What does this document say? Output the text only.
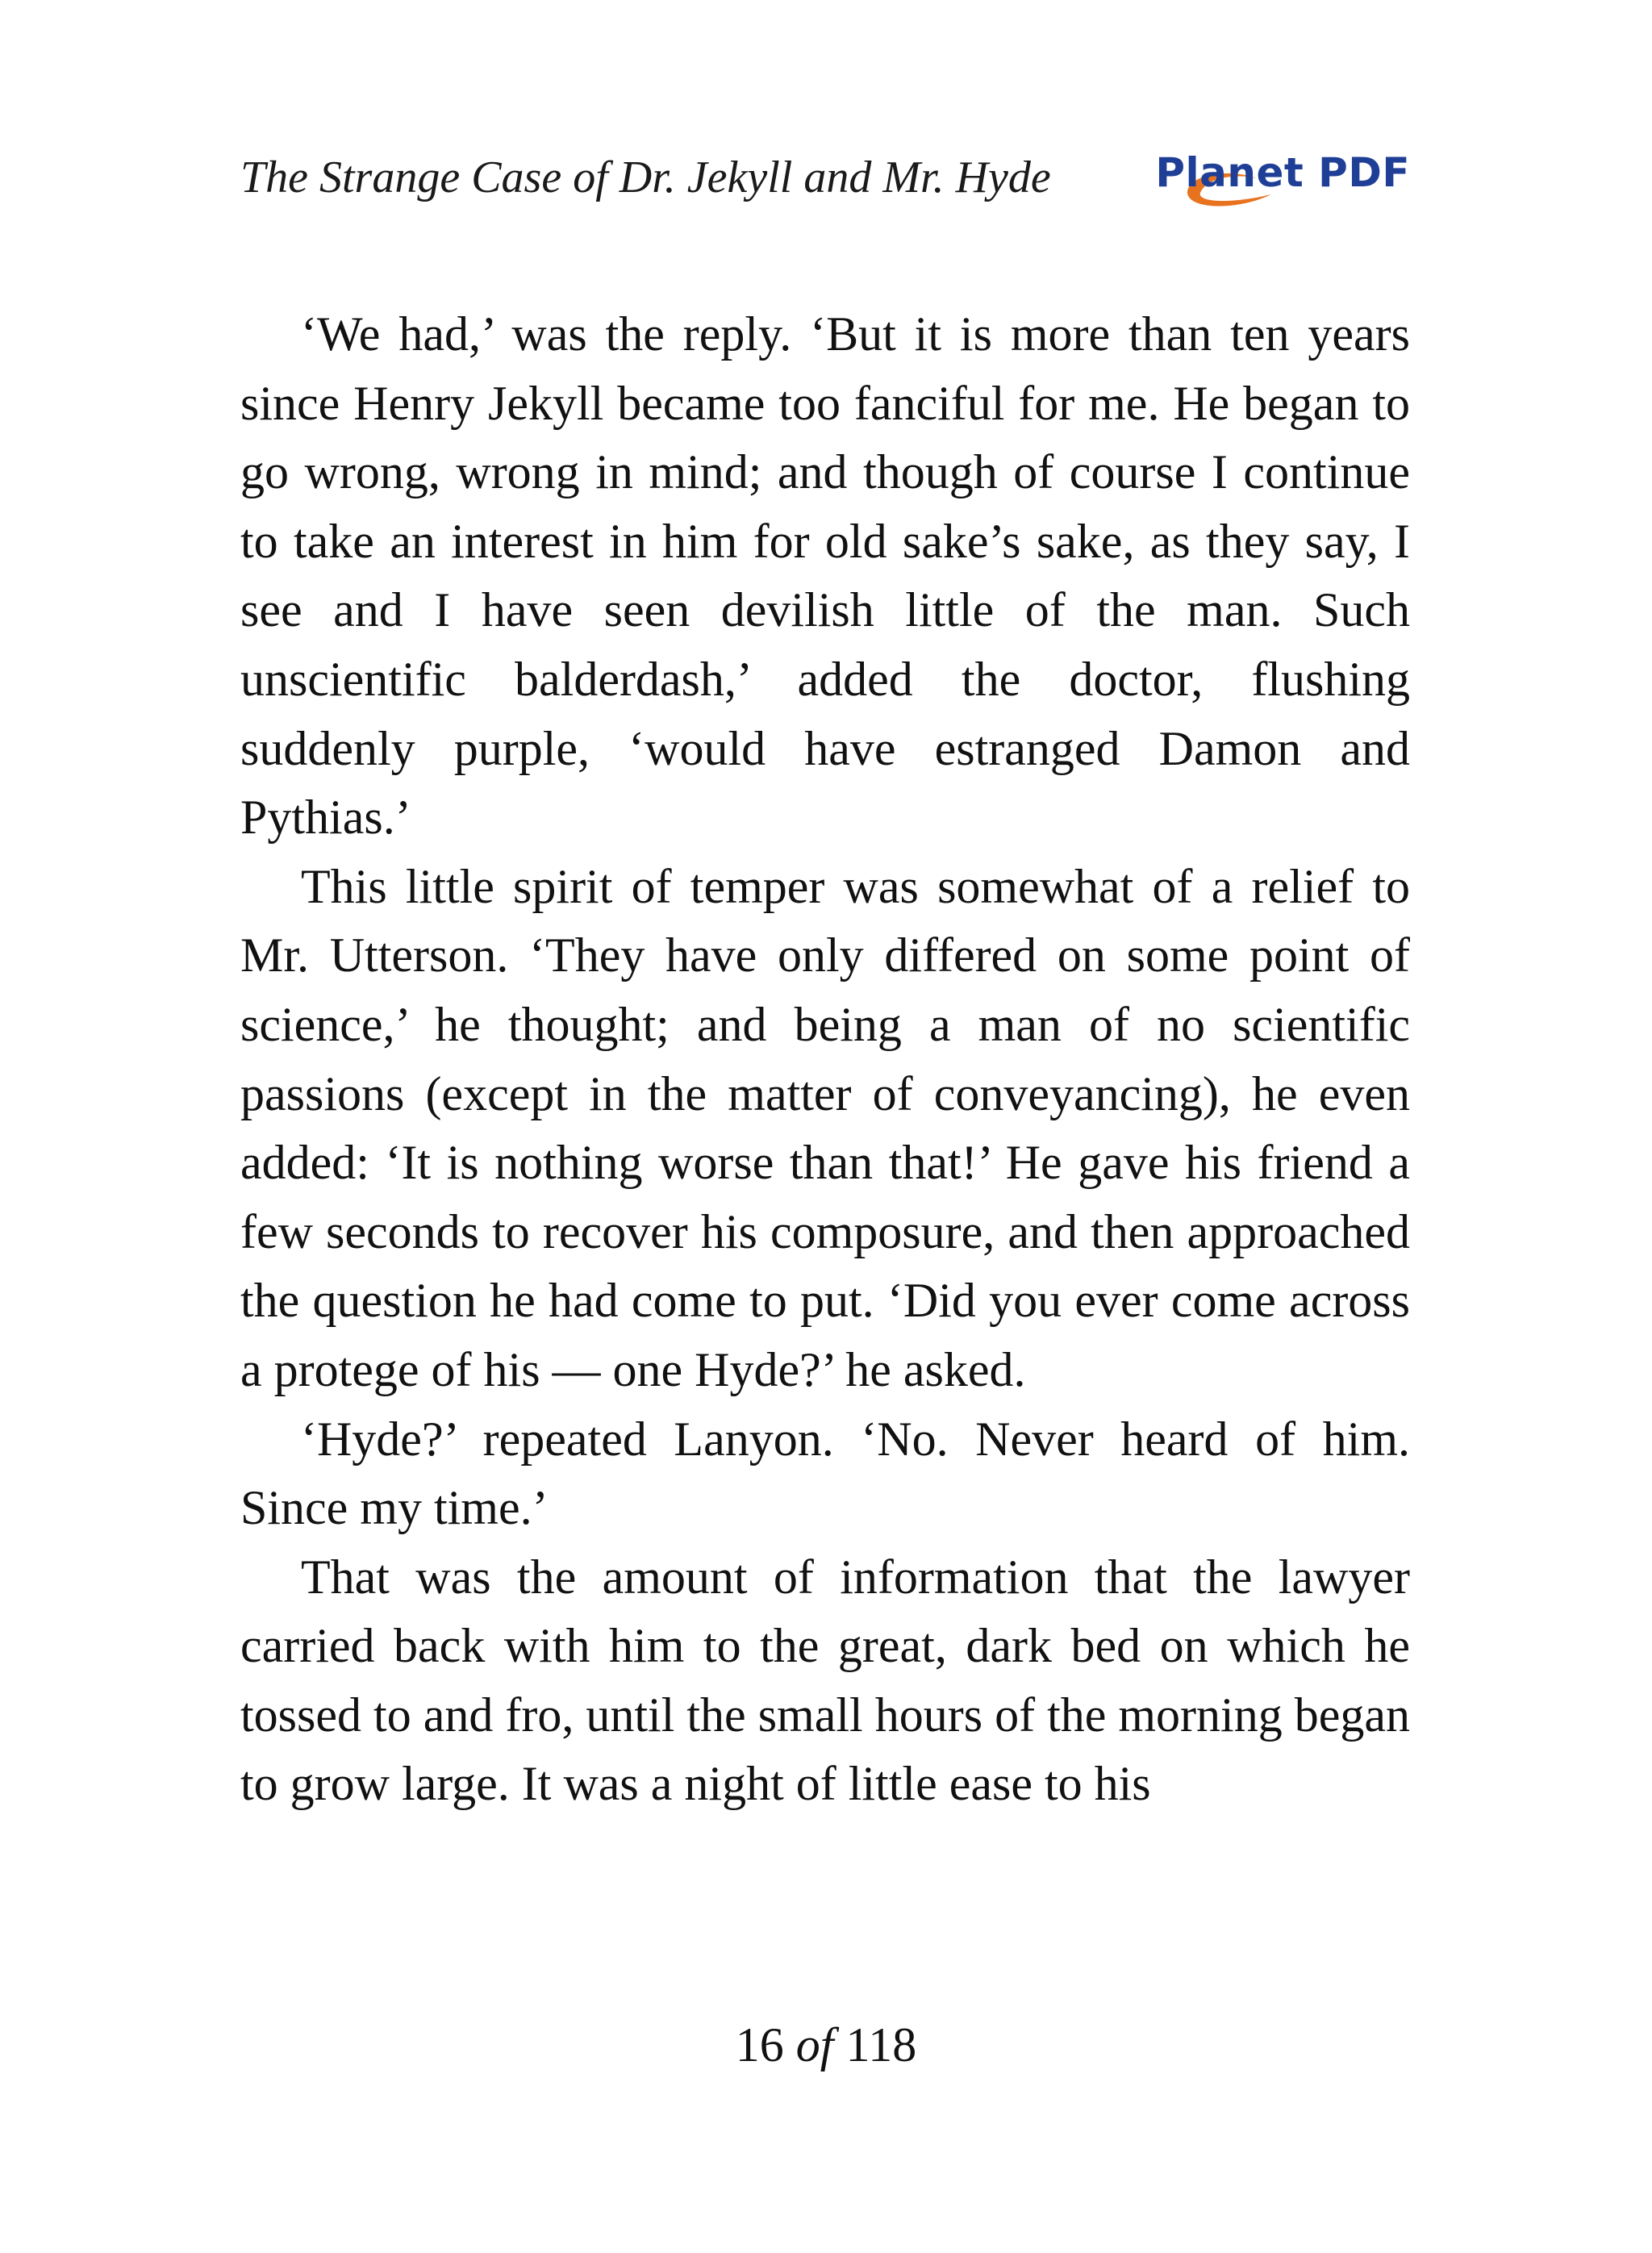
The Strange Case of Dr. Jekyll and Mr. Hyde	Planet PDF

‘We had,’ was the reply. ‘But it is more than ten years since Henry Jekyll became too fanciful for me. He began to go wrong, wrong in mind; and though of course I continue to take an interest in him for old sake’s sake, as they say, I see and I have seen devilish little of the man. Such unscientific balderdash,’ added the doctor, flushing suddenly purple, ‘would have estranged Damon and Pythias.’

This little spirit of temper was somewhat of a relief to Mr. Utterson. ‘They have only differed on some point of science,’ he thought; and being a man of no scientific passions (except in the matter of conveyancing), he even added: ‘It is nothing worse than that!’ He gave his friend a few seconds to recover his composure, and then approached the question he had come to put. ‘Did you ever come across a protege of his — one Hyde?’ he asked.

‘Hyde?’ repeated Lanyon. ‘No. Never heard of him. Since my time.’

That was the amount of information that the lawyer carried back with him to the great, dark bed on which he tossed to and fro, until the small hours of the morning began to grow large. It was a night of little ease to his

16 of 118
